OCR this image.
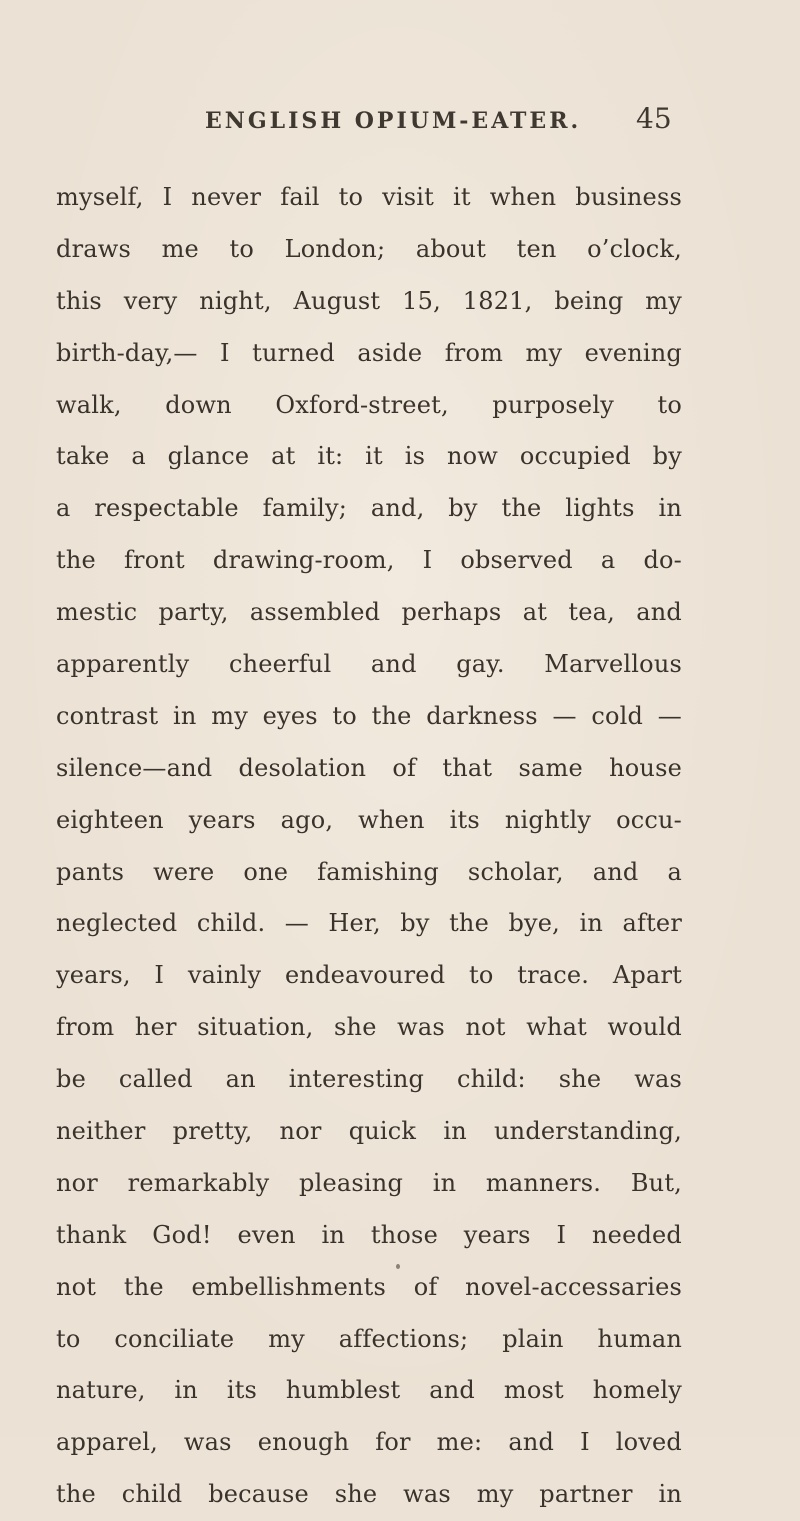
ENGLISH OPIUM-EATER. 45
myself, I never fail to visit it when business
draws me to London; about ten o’clock,
this very night, August 15, 1821, being my
birth-day,— I turned aside from my evening
walk, down Oxford-street, purposely to
take a glance at it: it is now occupied by
a respectable family; and, by the lights in
the front drawing-room, I observed a do-
mestic party, assembled perhaps at tea, and
apparently cheerful and gay. Marvellous
contrast in my eyes to the darkness — cold —
silence—and desolation of that same house
eighteen years ago, when its nightly occu-
pants were one famishing scholar, and a
neglected child. — Her, by the bye, in after
years, I vainly endeavoured to trace. Apart
from her situation, she was not what would
be called an interesting child: she was
neither pretty, nor quick in understanding,
nor remarkably pleasing in manners. But,
thank God! even in those years I needed
not the embellishments of novel-accessaries
to conciliate my affections; plain human
nature, in its humblest and most homely
apparel, was enough for me: and I loved
the child because she was my partner in
